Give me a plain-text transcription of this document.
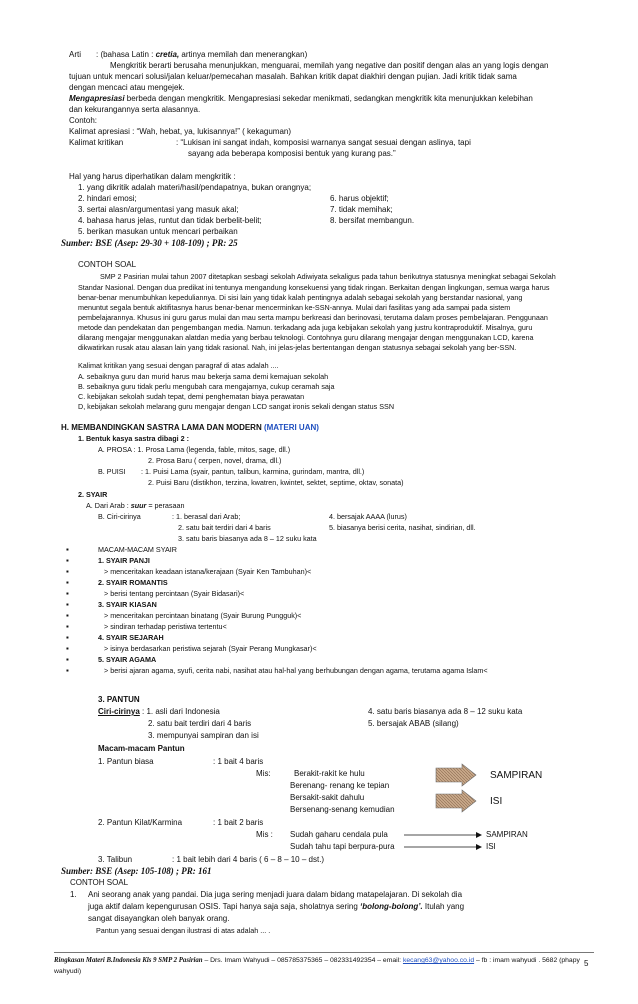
Arti : (bahasa Latin : cretia, artinya memilah dan menerangkan)
Mengkritik berarti berusaha menunjukkan, menguarai, memilah yang negative dan positif dengan alas an yang logis dengan
tujuan untuk mencari solusi/jalan keluar/pemecahan masalah. Bahkan kritik dapat diakhiri dengan pujian. Jadi kritik tidak sama
dengan mencaci atau mengejek.
Mengapresiasi berbeda dengan mengkritik. Mengapresiasi sekedar menikmati, sedangkan mengkritik kita menunjukkan kelebihan
dan kekurangannya serta alasannya.
Contoh:
Kalimat apresiasi : “Wah, hebat, ya, lukisannya!” ( kekaguman)
Kalimat kritikan	: “Lukisan ini sangat indah, komposisi warnanya sangat sesuai dengan aslinya, tapi
sayang ada beberapa komposisi bentuk yang kurang pas.”
Hal yang harus diperhatikan dalam mengkritik :
1. yang dikritik adalah materi/hasil/pendapatnya, bukan orangnya;
2. hindari emosi;	6. harus objektif;
3. sertai alasn/argumentasi yang masuk akal;	7. tidak memihak;
4. bahasa harus jelas, runtut dan tidak berbelit-belit;	8. bersifat membangun.
5. berikan masukan untuk mencari perbaikan
Sumber: BSE (Asep: 29-30 + 108-109) ; PR: 25
CONTOH SOAL
SMP 2 Pasirian mulai tahun 2007 ditetapkan sesbagi sekolah Adiwiyata sekaligus pada tahun berikutnya statusnya meningkat sebagai Sekolah
Standar Nasional. Dengan dua predikat ini tentunya mengandung konsekuensi yang tidak ringan. Berkaitan dengan lingkungan, semua warga harus
benar-benar menumbuhkan kepeduliannya. Di sisi lain yang tidak kalah pentingnya adalah sebagai sekolah yang berstandar nasional, yang
menuntut segala bentuk aktifitasnya harus benar-benar mencerminkan ke-SSN-annya. Mulai dari fasilitas yang ada sampai pada sistem
pembelajarannya. Khusus ini guru garus mulai dan mau serta mampu berkreasi dan berinovasi, terutama dalam proses pembelajaran. Penggunaan
metode dan pendekatan dan pengembangan media. Namun. terkadang ada juga kebijakan sekolah yang justru kontraproduktif. Misalnya, guru
dilarang mengajar menggunakan alatdan media yang berbau teknologi. Contohnya guru dilarang mengajar dengan menggunakan LCD, karena
dikwatirkan rusak atau alasan lain yang tidak rasional. Nah, ini jelas-jelas bertentangan dengan statusnya sebagai sekolah yang ber-SSN.
Kalimat kritikan yang sesuai dengan paragraf di atas adalah ....
A. sebaiknya guru dan murid harus mau bekerja sama demi kemajuan sekolah
B. sebaiknya guru tidak perlu mengubah cara mengajarnya, cukup ceramah saja
C. kebijakan sekolah sudah tepat, demi penghematan biaya perawatan
D, kebijakan sekolah melarang guru mengajar dengan LCD sangat ironis sekali dengan status SSN
H. MEMBANDINGKAN SASTRA LAMA DAN MODERN (MATERI UAN)
1. Bentuk kasya sastra dibagi 2 :
A. PROSA : 1. Prosa Lama (legenda, fable, mitos, sage, dll.)
2. Prosa Baru ( cerpen, novel, drama, dll.)
B. PUISI : 1. Puisi Lama (syair, pantun, talibun, karmina, gurindam, mantra, dll.)
2. Puisi Baru (distikhon, terzina, kwatren, kwintet, sektet, septime, oktav, sonata)
2. SYAIR
A. Dari Arab : suur = perasaan
B. Ciri-cirinya	: 1. berasal dari Arab;	4. bersajak AAAA (lurus)
2. satu bait terdiri dari 4 baris	5. biasanya berisi cerita, nasihat, sindirian, dll.
3. satu baris biasanya ada 8 – 12 suku kata
▪	MACAM-MACAM SYAIR
▪	1. SYAIR PANJI
▪	> menceritakan keadaan istana/kerajaan (Syair Ken Tambuhan)<
▪	2. SYAIR ROMANTIS
▪	> berisi tentang percintaan (Syair Bidasari)<
▪	3. SYAIR KIASAN
▪	> menceritakan percintaan binatang (Syair Burung Pungguk)<
▪	> sindiran terhadap peristiwa tertentu<
▪	4. SYAIR SEJARAH
▪	> isinya berdasarkan peristiwa sejarah (Syair Perang Mungkasar)<
▪	5. SYAIR AGAMA
▪	> berisi ajaran agama, syufi, cerita nabi, nasihat atau hal-hal yang berhubungan dengan agama, terutama agama Islam<
3. PANTUN
Ciri-cirinya : 1. asli dari Indonesia	4. satu baris biasanya ada 8 – 12 suku kata
2. satu bait terdiri dari 4 baris	5. bersajak ABAB (silang)
3. mempunyai sampiran dan isi
Macam-macam Pantun
1. Pantun biasa	: 1 bait 4 baris
Mis:	Berakit-rakit ke hulu
Berenang- renang ke tepian
Bersakit-sakit dahulu
Bersenang-senang kemudian
SAMPIRAN
ISI
2. Pantun Kilat/Karmina	: 1 bait 2 baris
Mis : Sudah gaharu cendala pula
Sudah tahu tapi berpura-pura
SAMPIRAN
ISI
3. Talibun	: 1 bait lebih dari 4 baris ( 6 – 8 – 10 – dst.)
Sumber: BSE (Asep: 105-108) ; PR: 161
CONTOH SOAL
1. Ani seorang anak yang pandai. Dia juga sering menjadi juara dalam bidang matapelajaran. Di sekolah dia
juga aktif dalam kepengurusan OSIS. Tapi hanya saja saja, sholatnya sering ‘bolong-bolong’. Itulah yang
sangat disayangkan oleh banyak orang.
Pantun yang sesuai dengan ilustrasi di atas adalah ... .
Ringkasan Materi B.Indonesia Kls 9 SMP 2 Pasirian – Drs. Imam Wahyudi – 085785375365 – 082331492354 – email: kecang63@yahoo.co.id – fb : imam wahyudi . 5682 (phapy
wahyudi)
5
